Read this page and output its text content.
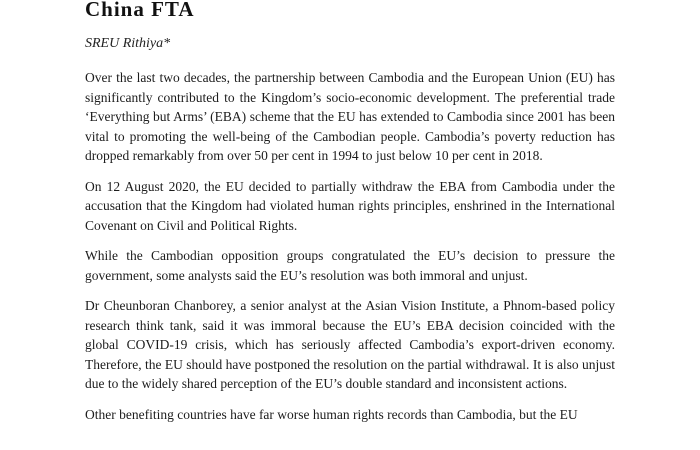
China FTA
SREU Rithiya*

Over the last two decades, the partnership between Cambodia and the European Union (EU) has significantly contributed to the Kingdom’s socio-economic development. The preferential trade ‘Everything but Arms’ (EBA) scheme that the EU has extended to Cambodia since 2001 has been vital to promoting the well-being of the Cambodian people. Cambodia’s poverty reduction has dropped remarkably from over 50 per cent in 1994 to just below 10 per cent in 2018.

On 12 August 2020, the EU decided to partially withdraw the EBA from Cambodia under the accusation that the Kingdom had violated human rights principles, enshrined in the International Covenant on Civil and Political Rights.

While the Cambodian opposition groups congratulated the EU’s decision to pressure the government, some analysts said the EU’s resolution was both immoral and unjust.

Dr Cheunboran Chanborey, a senior analyst at the Asian Vision Institute, a Phnom-based policy research think tank, said it was immoral because the EU’s EBA decision coincided with the global COVID-19 crisis, which has seriously affected Cambodia’s export-driven economy. Therefore, the EU should have postponed the resolution on the partial withdrawal. It is also unjust due to the widely shared perception of the EU’s double standard and inconsistent actions.

Other benefiting countries have far worse human rights records than Cambodia, but the EU
